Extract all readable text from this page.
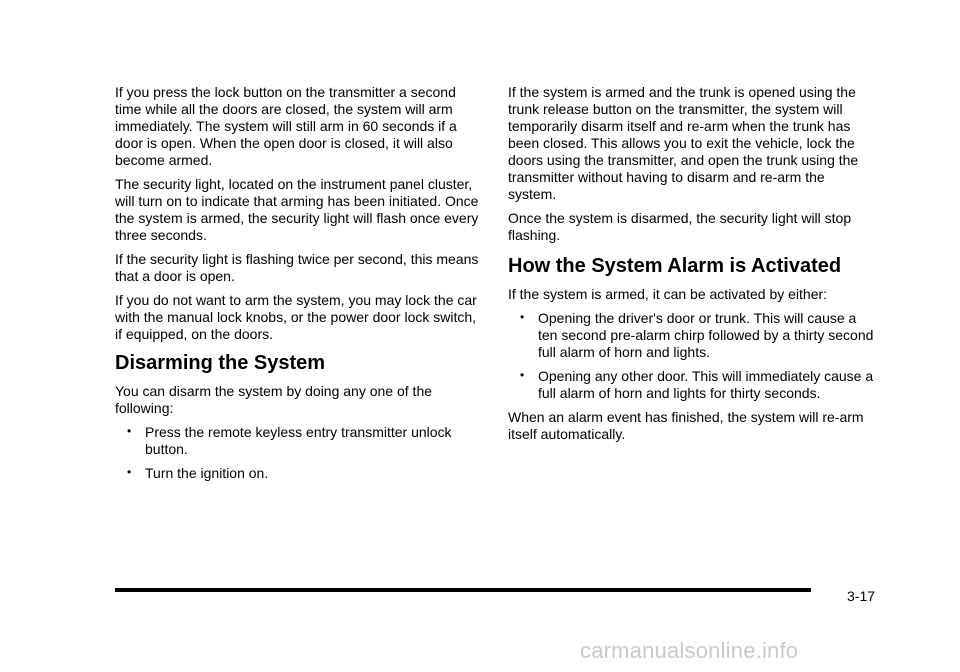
If you press the lock button on the transmitter a second time while all the doors are closed, the system will arm immediately. The system will still arm in 60 seconds if a door is open. When the open door is closed, it will also become armed.

The security light, located on the instrument panel cluster, will turn on to indicate that arming has been initiated. Once the system is armed, the security light will flash once every three seconds.

If the security light is flashing twice per second, this means that a door is open.

If you do not want to arm the system, you may lock the car with the manual lock knobs, or the power door lock switch, if equipped, on the doors.

Disarming the System

You can disarm the system by doing any one of the following:

• Press the remote keyless entry transmitter unlock button.
• Turn the ignition on.

If the system is armed and the trunk is opened using the trunk release button on the transmitter, the system will temporarily disarm itself and re-arm when the trunk has been closed. This allows you to exit the vehicle, lock the doors using the transmitter, and open the trunk using the transmitter without having to disarm and re-arm the system.

Once the system is disarmed, the security light will stop flashing.

How the System Alarm is Activated

If the system is armed, it can be activated by either:

• Opening the driver's door or trunk. This will cause a ten second pre-alarm chirp followed by a thirty second full alarm of horn and lights.
• Opening any other door. This will immediately cause a full alarm of horn and lights for thirty seconds.

When an alarm event has finished, the system will re-arm itself automatically.

3-17
carmanualsonline.info
